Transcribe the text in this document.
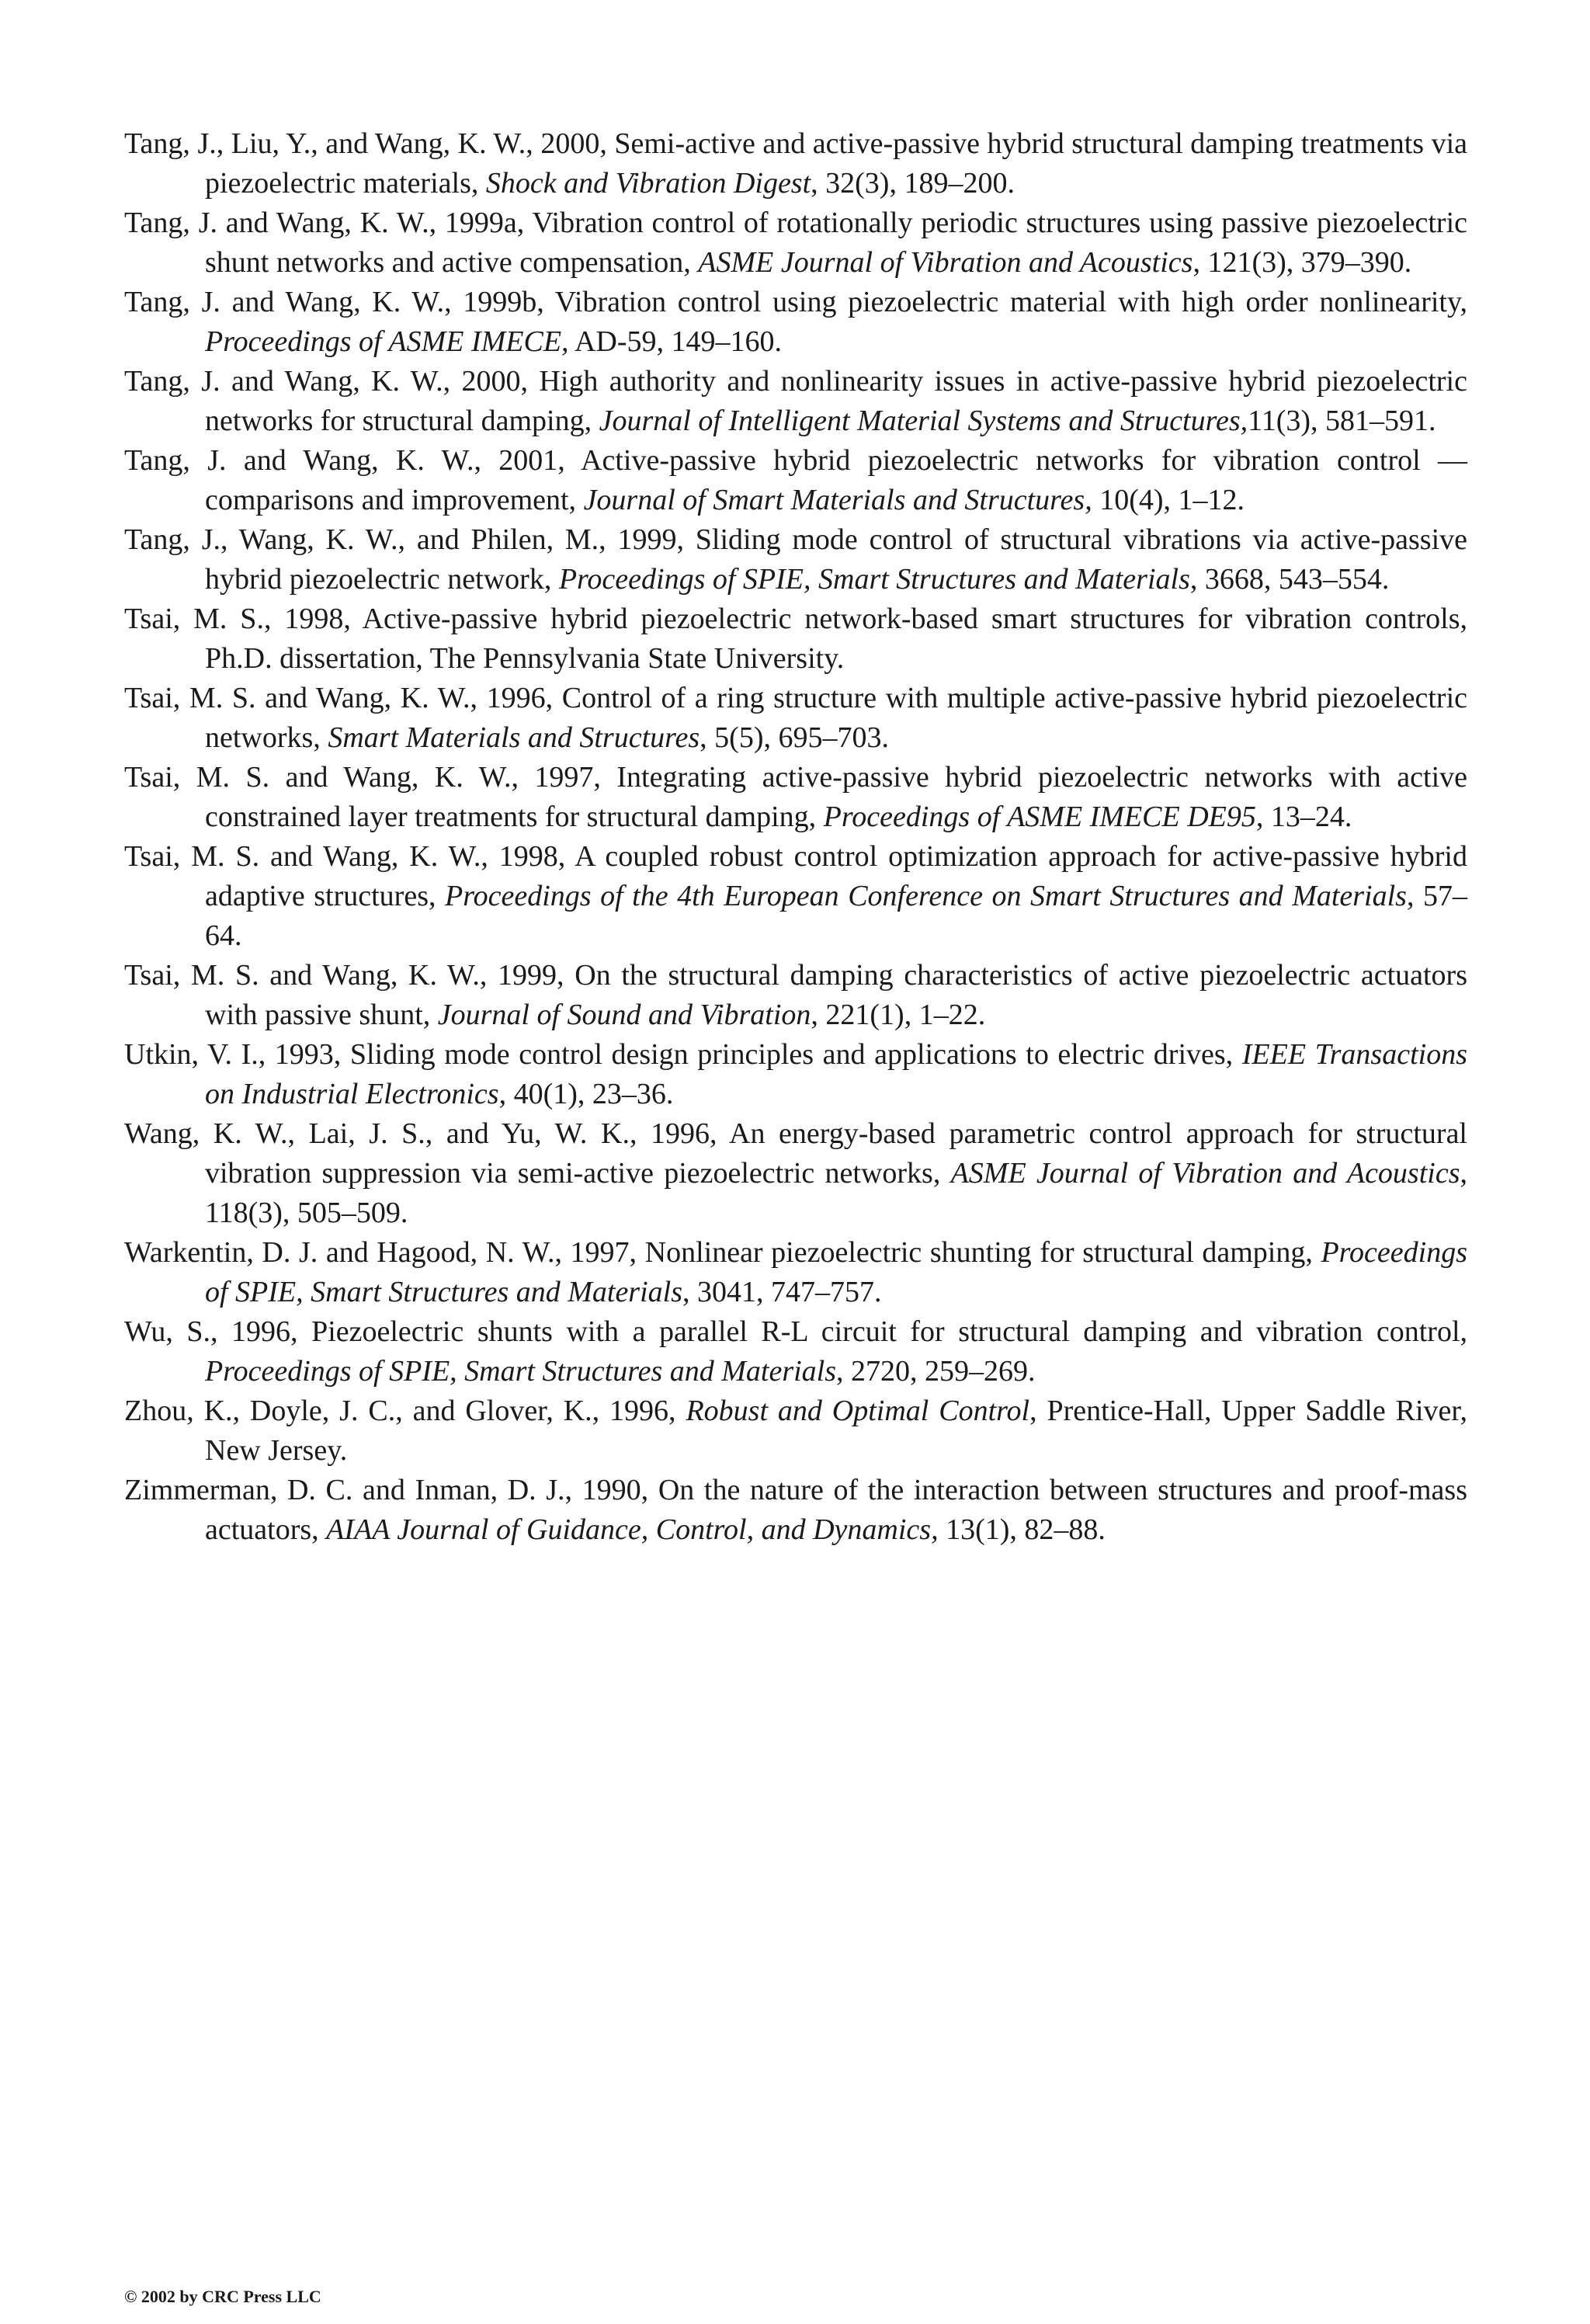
Tang, J., Liu, Y., and Wang, K. W., 2000, Semi-active and active-passive hybrid structural damping treatments via piezoelectric materials, Shock and Vibration Digest, 32(3), 189–200.
Tang, J. and Wang, K. W., 1999a, Vibration control of rotationally periodic structures using passive piezoelectric shunt networks and active compensation, ASME Journal of Vibration and Acoustics, 121(3), 379–390.
Tang, J. and Wang, K. W., 1999b, Vibration control using piezoelectric material with high order nonlinearity, Proceedings of ASME IMECE, AD-59, 149–160.
Tang, J. and Wang, K. W., 2000, High authority and nonlinearity issues in active-passive hybrid piezoelectric networks for structural damping, Journal of Intelligent Material Systems and Structures,11(3), 581–591.
Tang, J. and Wang, K. W., 2001, Active-passive hybrid piezoelectric networks for vibration control — comparisons and improvement, Journal of Smart Materials and Structures, 10(4), 1–12.
Tang, J., Wang, K. W., and Philen, M., 1999, Sliding mode control of structural vibrations via active-passive hybrid piezoelectric network, Proceedings of SPIE, Smart Structures and Materials, 3668, 543–554.
Tsai, M. S., 1998, Active-passive hybrid piezoelectric network-based smart structures for vibration controls, Ph.D. dissertation, The Pennsylvania State University.
Tsai, M. S. and Wang, K. W., 1996, Control of a ring structure with multiple active-passive hybrid piezoelectric networks, Smart Materials and Structures, 5(5), 695–703.
Tsai, M. S. and Wang, K. W., 1997, Integrating active-passive hybrid piezoelectric networks with active constrained layer treatments for structural damping, Proceedings of ASME IMECE DE95, 13–24.
Tsai, M. S. and Wang, K. W., 1998, A coupled robust control optimization approach for active-passive hybrid adaptive structures, Proceedings of the 4th European Conference on Smart Structures and Materials, 57–64.
Tsai, M. S. and Wang, K. W., 1999, On the structural damping characteristics of active piezoelectric actuators with passive shunt, Journal of Sound and Vibration, 221(1), 1–22.
Utkin, V. I., 1993, Sliding mode control design principles and applications to electric drives, IEEE Transactions on Industrial Electronics, 40(1), 23–36.
Wang, K. W., Lai, J. S., and Yu, W. K., 1996, An energy-based parametric control approach for structural vibration suppression via semi-active piezoelectric networks, ASME Journal of Vibration and Acoustics, 118(3), 505–509.
Warkentin, D. J. and Hagood, N. W., 1997, Nonlinear piezoelectric shunting for structural damping, Proceedings of SPIE, Smart Structures and Materials, 3041, 747–757.
Wu, S., 1996, Piezoelectric shunts with a parallel R-L circuit for structural damping and vibration control, Proceedings of SPIE, Smart Structures and Materials, 2720, 259–269.
Zhou, K., Doyle, J. C., and Glover, K., 1996, Robust and Optimal Control, Prentice-Hall, Upper Saddle River, New Jersey.
Zimmerman, D. C. and Inman, D. J., 1990, On the nature of the interaction between structures and proof-mass actuators, AIAA Journal of Guidance, Control, and Dynamics, 13(1), 82–88.
© 2002 by CRC Press LLC
